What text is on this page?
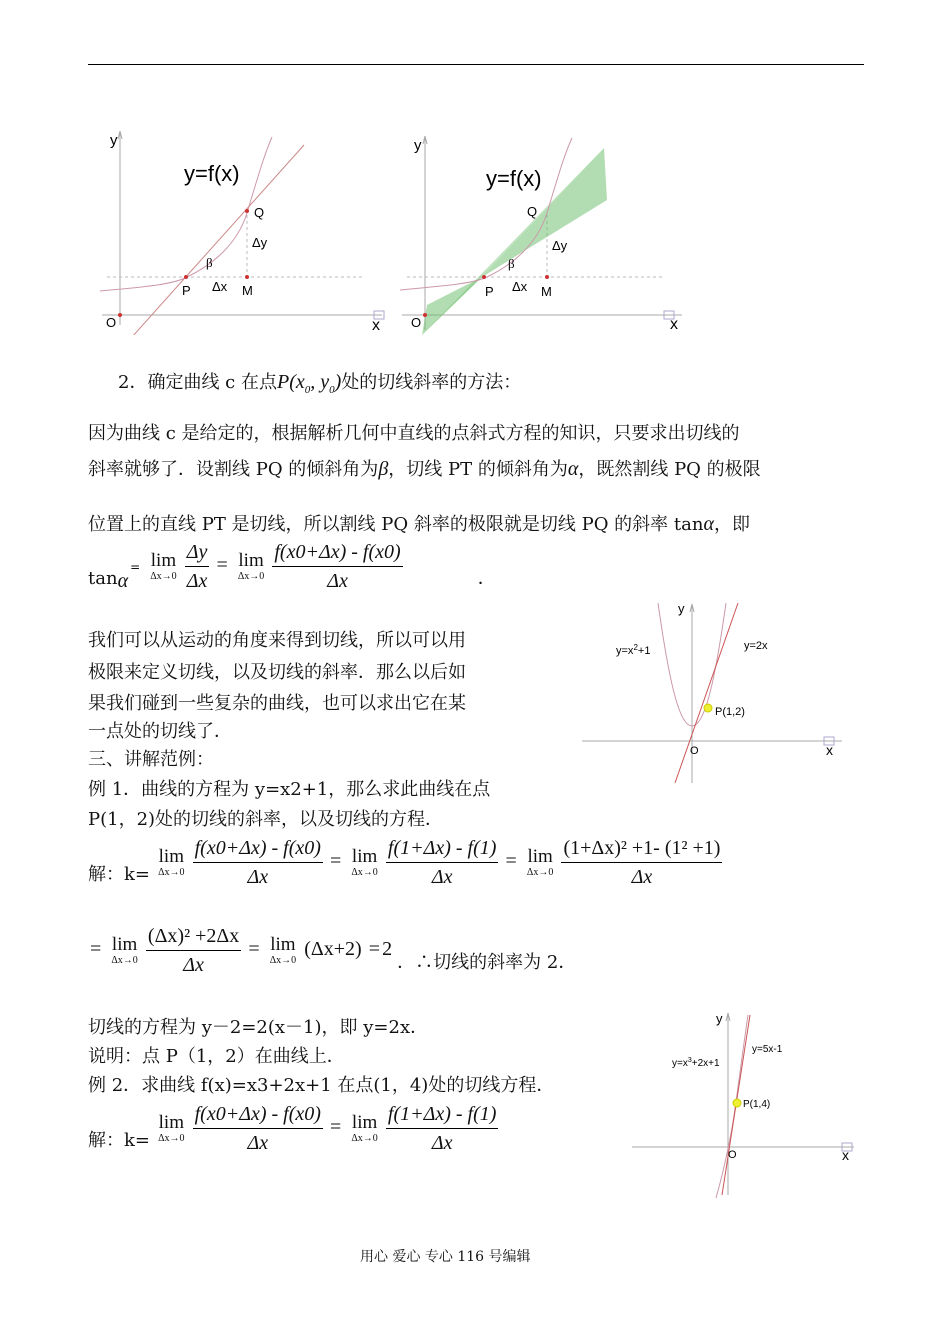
y
x
O
y=f(x)
Q
P	M
Δy
Δx
β
y
x
O
y=f(x)
Q
P	M
Δy
Δx
β
2．确定曲线 c 在点$P(x_0$, $y_0$)处的切线斜率的方法：
因为曲线 c 是给定的，根据解析几何中直线的点斜式方程的知识，只要求出切线的
斜率就够了．设割线 PQ 的倾斜角为β，切线 PT 的倾斜角为α，既然割线 PQ 的极限
位置上的直线 PT 是切线，所以割线 PQ 斜率的极限就是切线 PQ 的斜率 tanα，即
tanα= lim
Δx→0
$\frac{\Delta y}{\Delta x} = \lim$
Δx→0
$\frac{f(x0+\Delta x) - f(x0)}{\Delta x}$	．
y
x
O
$y=x^2+1$	y=2x
P(1,2)
我们可以从运动的角度来得到切线，所以可以用
极限来定义切线，以及切线的斜率．那么以后如
果我们碰到一些复杂的曲线，也可以求出它在某
一点处的切线了．
三、讲解范例：
例 1．曲线的方程为 y=x2+1，那么求此曲线在点
P(1，2)处的切线的斜率，以及切线的方程．
解：k=
lim
Δx→0
$\frac{f(x0+\Delta x) - f(x0)}{\Delta x} = \lim$
Δx→0
$\frac{f(1+\Delta x) - f(1)}{\Delta x} = \lim$
Δx→0
$\frac{\text{(1+Δx)² +1- (1² +1)}}{\Delta x}$
= lim
Δx→0
$\frac{\text{(Δx)² +2Δx}}{\Delta x} = \lim$
Δx→0 (Δx+2) = 2 ．∴切线的斜率为 2．
y
x
O
$y=x^3+2x+1$
y=5x-1
P(1,4)
切线的方程为 y－2=2(x－1)，即 y=2x．
说明：点 P（1，2）在曲线上．
例 2．求曲线 f(x)=x3+2x+1 在点(1，4)处的切线方程．
解：k=
lim
Δx→0
$\frac{f(x0+\Delta x) - f(x0)}{\Delta x} = \lim$
Δx→0
$\frac{f(1+\Delta x) - f(1)}{\Delta x}$
用心 爱心 专心 116 号编辑
